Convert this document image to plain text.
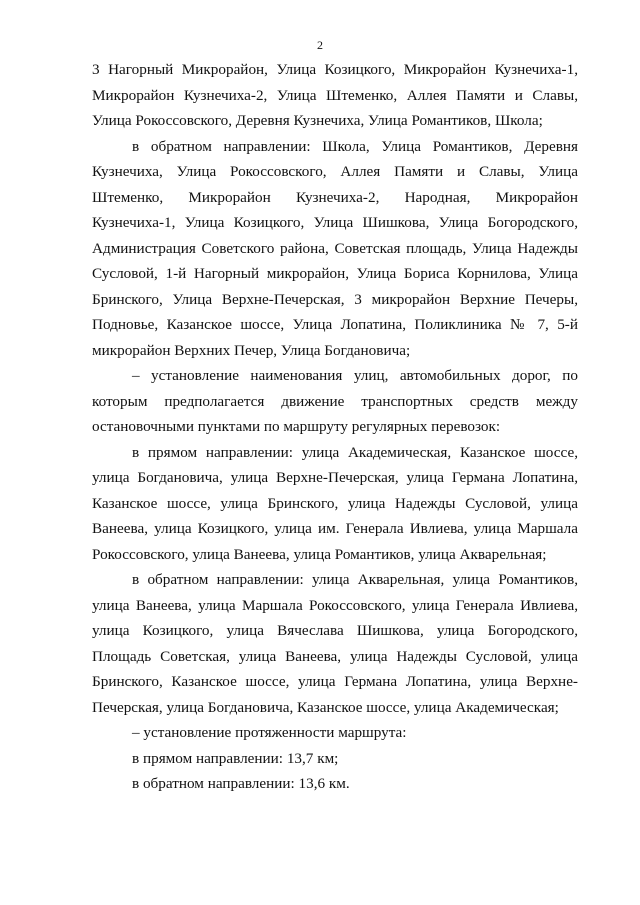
2

3 Нагорный Микрорайон, Улица Козицкого, Микрорайон Кузнечиха-1, Микрорайон Кузнечиха-2, Улица Штеменко, Аллея Памяти и Славы, Улица Рокоссовского, Деревня Кузнечиха, Улица Романтиков, Школа;

в обратном направлении: Школа, Улица Романтиков, Деревня Кузнечиха, Улица Рокоссовского, Аллея Памяти и Славы, Улица Штеменко, Микрорайон Кузнечиха-2, Народная, Микрорайон Кузнечиха-1, Улица Козицкого, Улица Шишкова, Улица Богородского, Администрация Советского района, Советская площадь, Улица Надежды Сусловой, 1-й Нагорный микрорайон, Улица Бориса Корнилова, Улица Бринского, Улица Верхне-Печерская, 3 микрорайон Верхние Печеры, Подновье, Казанское шоссе, Улица Лопатина, Поликлиника № 7, 5-й микрорайон Верхних Печер, Улица Богдановича;

– установление наименования улиц, автомобильных дорог, по которым предполагается движение транспортных средств между остановочными пунктами по маршруту регулярных перевозок:

в прямом направлении: улица Академическая, Казанское шоссе, улица Богдановича, улица Верхне-Печерская, улица Германа Лопатина, Казанское шоссе, улица Бринского, улица Надежды Сусловой, улица Ванеева, улица Козицкого, улица им. Генерала Ивлиева, улица Маршала Рокоссовского, улица Ванеева, улица Романтиков, улица Акварельная;

в обратном направлении: улица Акварельная, улица Романтиков, улица Ванеева, улица Маршала Рокоссовского, улица Генерала Ивлиева, улица Козицкого, улица Вячеслава Шишкова, улица Богородского, Площадь Советская, улица Ванеева, улица Надежды Сусловой, улица Бринского, Казанское шоссе, улица Германа Лопатина, улица Верхне-Печерская, улица Богдановича, Казанское шоссе, улица Академическая;

– установление протяженности маршрута:

в прямом направлении: 13,7 км;

в обратном направлении: 13,6 км.
